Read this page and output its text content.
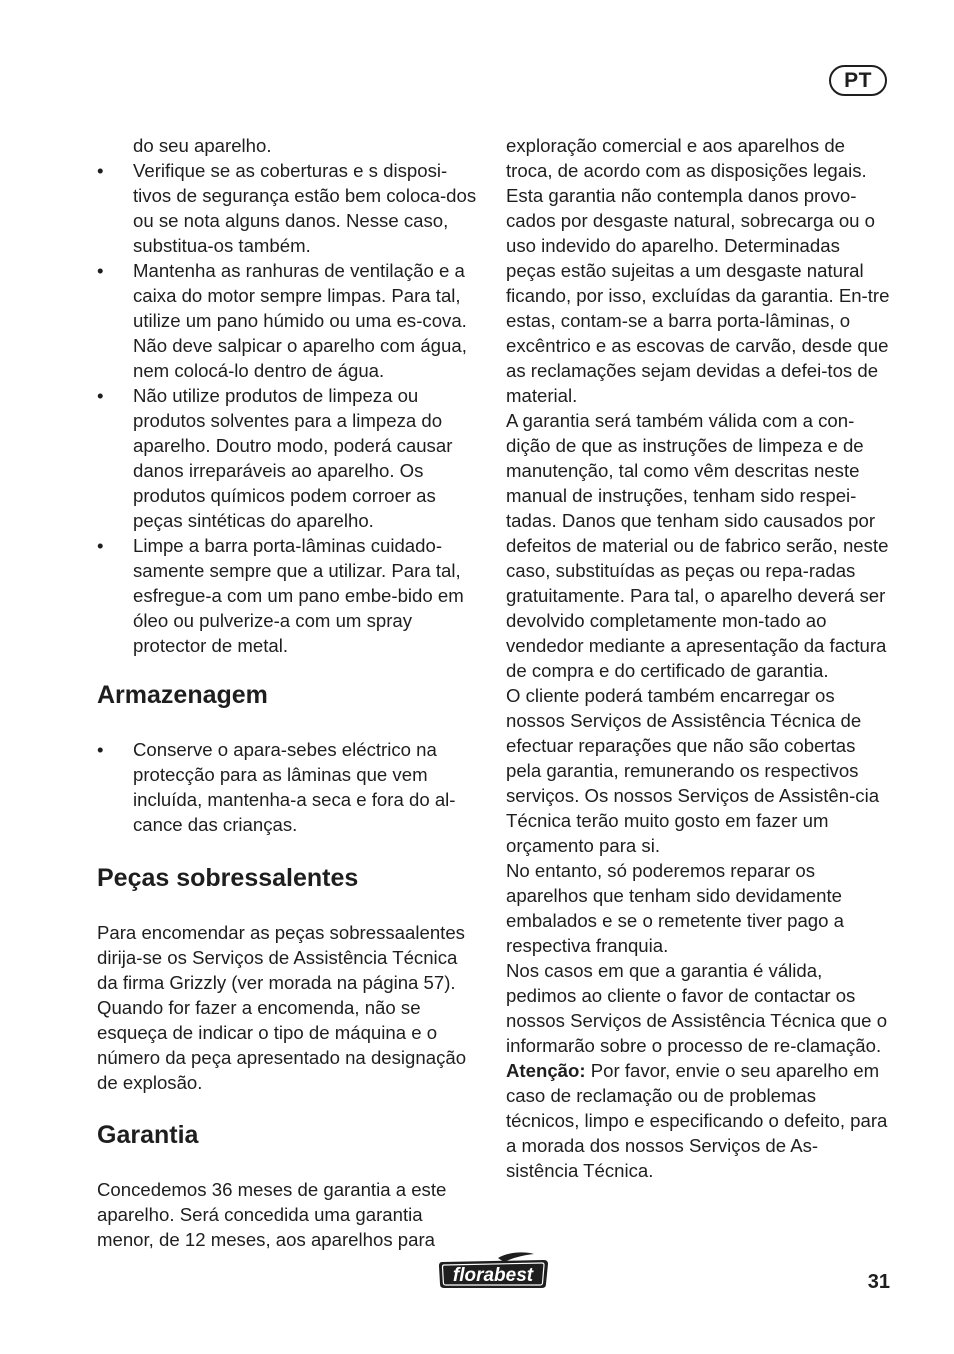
PT

do seu aparelho.

• Verifique se as coberturas e s disposi-tivos de segurança estão bem coloca-dos ou se nota alguns danos. Nesse caso, substitua-os também.
• Mantenha as ranhuras de ventilação e a caixa do motor sempre limpas. Para tal, utilize um pano húmido ou uma es-cova. Não deve salpicar o aparelho com água, nem colocá-lo dentro de água.
• Não utilize produtos de limpeza ou produtos solventes para a limpeza do aparelho. Doutro modo, poderá causar danos irreparáveis ao aparelho. Os produtos químicos podem corroer as peças sintéticas do aparelho.
• Limpe a barra porta-lâminas cuidado-samente sempre que a utilizar. Para tal, esfregue-a com um pano embe-bido em óleo ou pulverize-a com um spray protector de metal.
Armazenagem
• Conserve o apara-sebes eléctrico na protecção para as lâminas que vem incluída, mantenha-a seca e fora do al-cance das crianças.
Peças sobressalentes

Para encomendar as peças sobressaalentes dirija-se os Serviços de Assistência Técnica da firma Grizzly (ver morada na página 57). Quando for fazer a encomenda, não se esqueça de indicar o tipo de máquina e o número da peça apresentado na designação de explosão.

Garantia

Concedemos 36 meses de garantia a este aparelho. Será concedida uma garantia menor, de 12 meses, aos aparelhos para

exploração comercial e aos aparelhos de troca, de acordo com as disposições legais. Esta garantia não contempla danos provo-cados por desgaste natural, sobrecarga ou o uso indevido do aparelho. Determinadas peças estão sujeitas a um desgaste natural ficando, por isso, excluídas da garantia. En-tre estas, contam-se a barra porta-lâminas, o excêntrico e as escovas de carvão, desde que as reclamações sejam devidas a defei-tos de material.

A garantia será também válida com a con-dição de que as instruções de limpeza e de manutenção, tal como vêm descritas neste manual de instruções, tenham sido respei-tadas. Danos que tenham sido causados por defeitos de material ou de fabrico serão, neste caso, substituídas as peças ou repa-radas gratuitamente. Para tal, o aparelho deverá ser devolvido completamente mon-tado ao vendedor mediante a apresentação da factura de compra e do certificado de garantia.

O cliente poderá também encarregar os nossos Serviços de Assistência Técnica de efectuar reparações que não são cobertas pela garantia, remunerando os respectivos serviços. Os nossos Serviços de Assistên-cia Técnica terão muito gosto em fazer um orçamento para si.

No entanto, só poderemos reparar os aparelhos que tenham sido devidamente embalados e se o remetente tiver pago a respectiva franquia.

Nos casos em que a garantia é válida, pedimos ao cliente o favor de contactar os nossos Serviços de Assistência Técnica que o informarão sobre o processo de re-clamação.

Atenção: Por favor, envie o seu aparelho em caso de reclamação ou de problemas técnicos, limpo e especificando o defeito, para a morada dos nossos Serviços de As-sistência Técnica.

florabest	31
